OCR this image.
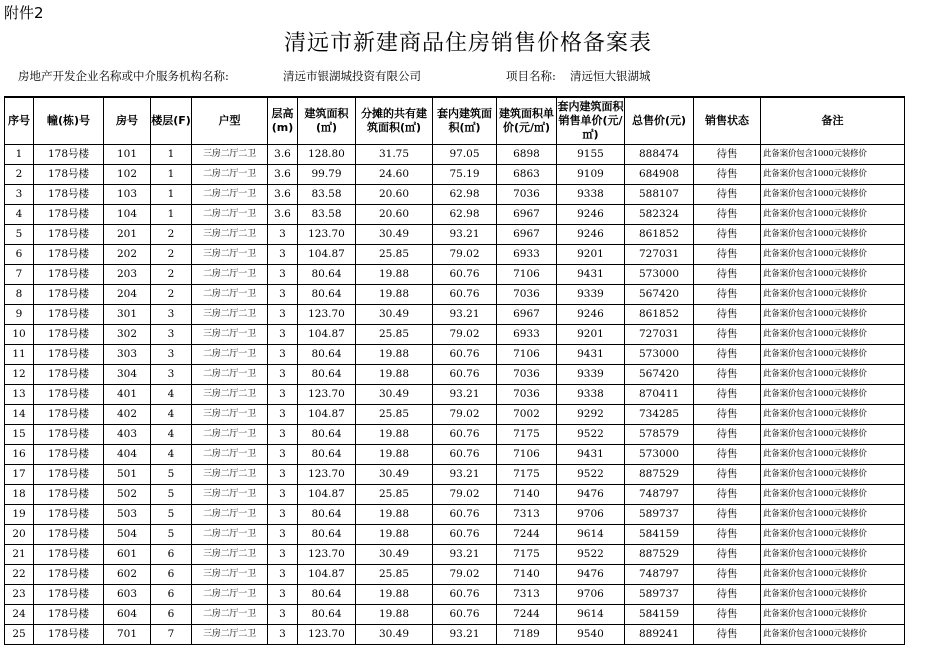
附件2
清远市新建商品住房销售价格备案表
房地产开发企业名称或中介服务机构名称:	清远市银湖城投资有限公司	项目名称: 清远恒大银湖城
序号	幢(栋)号	房号	楼层(F)	户型	层高(m)	建筑面积(㎡)	分摊的共有建筑面积(㎡)	套内建筑面积(㎡)	建筑面积单价(元/㎡)	套内建筑面积销售单价(元/㎡)	总售价(元)	销售状态	备注
1	178号楼	101	1	三房二厅二卫	3.6	128.80	31.75	97.05	6898	9155	888474	待售	此备案价包含1000元装修价
2	178号楼	102	1	二房二厅一卫	3.6	99.79	24.60	75.19	6863	9109	684908	待售	此备案价包含1000元装修价
3	178号楼	103	1	二房二厅一卫	3.6	83.58	20.60	62.98	7036	9338	588107	待售	此备案价包含1000元装修价
4	178号楼	104	1	二房二厅一卫	3.6	83.58	20.60	62.98	6967	9246	582324	待售	此备案价包含1000元装修价
5	178号楼	201	2	三房二厅二卫	3	123.70	30.49	93.21	6967	9246	861852	待售	此备案价包含1000元装修价
6	178号楼	202	2	三房二厅一卫	3	104.87	25.85	79.02	6933	9201	727031	待售	此备案价包含1000元装修价
7	178号楼	203	2	二房二厅一卫	3	80.64	19.88	60.76	7106	9431	573000	待售	此备案价包含1000元装修价
8	178号楼	204	2	二房二厅一卫	3	80.64	19.88	60.76	7036	9339	567420	待售	此备案价包含1000元装修价
9	178号楼	301	3	三房二厅二卫	3	123.70	30.49	93.21	6967	9246	861852	待售	此备案价包含1000元装修价
10	178号楼	302	3	三房二厅一卫	3	104.87	25.85	79.02	6933	9201	727031	待售	此备案价包含1000元装修价
11	178号楼	303	3	二房二厅一卫	3	80.64	19.88	60.76	7106	9431	573000	待售	此备案价包含1000元装修价
12	178号楼	304	3	二房二厅一卫	3	80.64	19.88	60.76	7036	9339	567420	待售	此备案价包含1000元装修价
13	178号楼	401	4	三房二厅二卫	3	123.70	30.49	93.21	7036	9338	870411	待售	此备案价包含1000元装修价
14	178号楼	402	4	三房二厅一卫	3	104.87	25.85	79.02	7002	9292	734285	待售	此备案价包含1000元装修价
15	178号楼	403	4	二房二厅一卫	3	80.64	19.88	60.76	7175	9522	578579	待售	此备案价包含1000元装修价
16	178号楼	404	4	二房二厅一卫	3	80.64	19.88	60.76	7106	9431	573000	待售	此备案价包含1000元装修价
17	178号楼	501	5	三房二厅二卫	3	123.70	30.49	93.21	7175	9522	887529	待售	此备案价包含1000元装修价
18	178号楼	502	5	三房二厅一卫	3	104.87	25.85	79.02	7140	9476	748797	待售	此备案价包含1000元装修价
19	178号楼	503	5	二房二厅一卫	3	80.64	19.88	60.76	7313	9706	589737	待售	此备案价包含1000元装修价
20	178号楼	504	5	二房二厅一卫	3	80.64	19.88	60.76	7244	9614	584159	待售	此备案价包含1000元装修价
21	178号楼	601	6	三房二厅二卫	3	123.70	30.49	93.21	7175	9522	887529	待售	此备案价包含1000元装修价
22	178号楼	602	6	三房二厅一卫	3	104.87	25.85	79.02	7140	9476	748797	待售	此备案价包含1000元装修价
23	178号楼	603	6	二房二厅一卫	3	80.64	19.88	60.76	7313	9706	589737	待售	此备案价包含1000元装修价
24	178号楼	604	6	二房二厅一卫	3	80.64	19.88	60.76	7244	9614	584159	待售	此备案价包含1000元装修价
25	178号楼	701	7	三房二厅二卫	3	123.70	30.49	93.21	7189	9540	889241	待售	此备案价包含1000元装修价
